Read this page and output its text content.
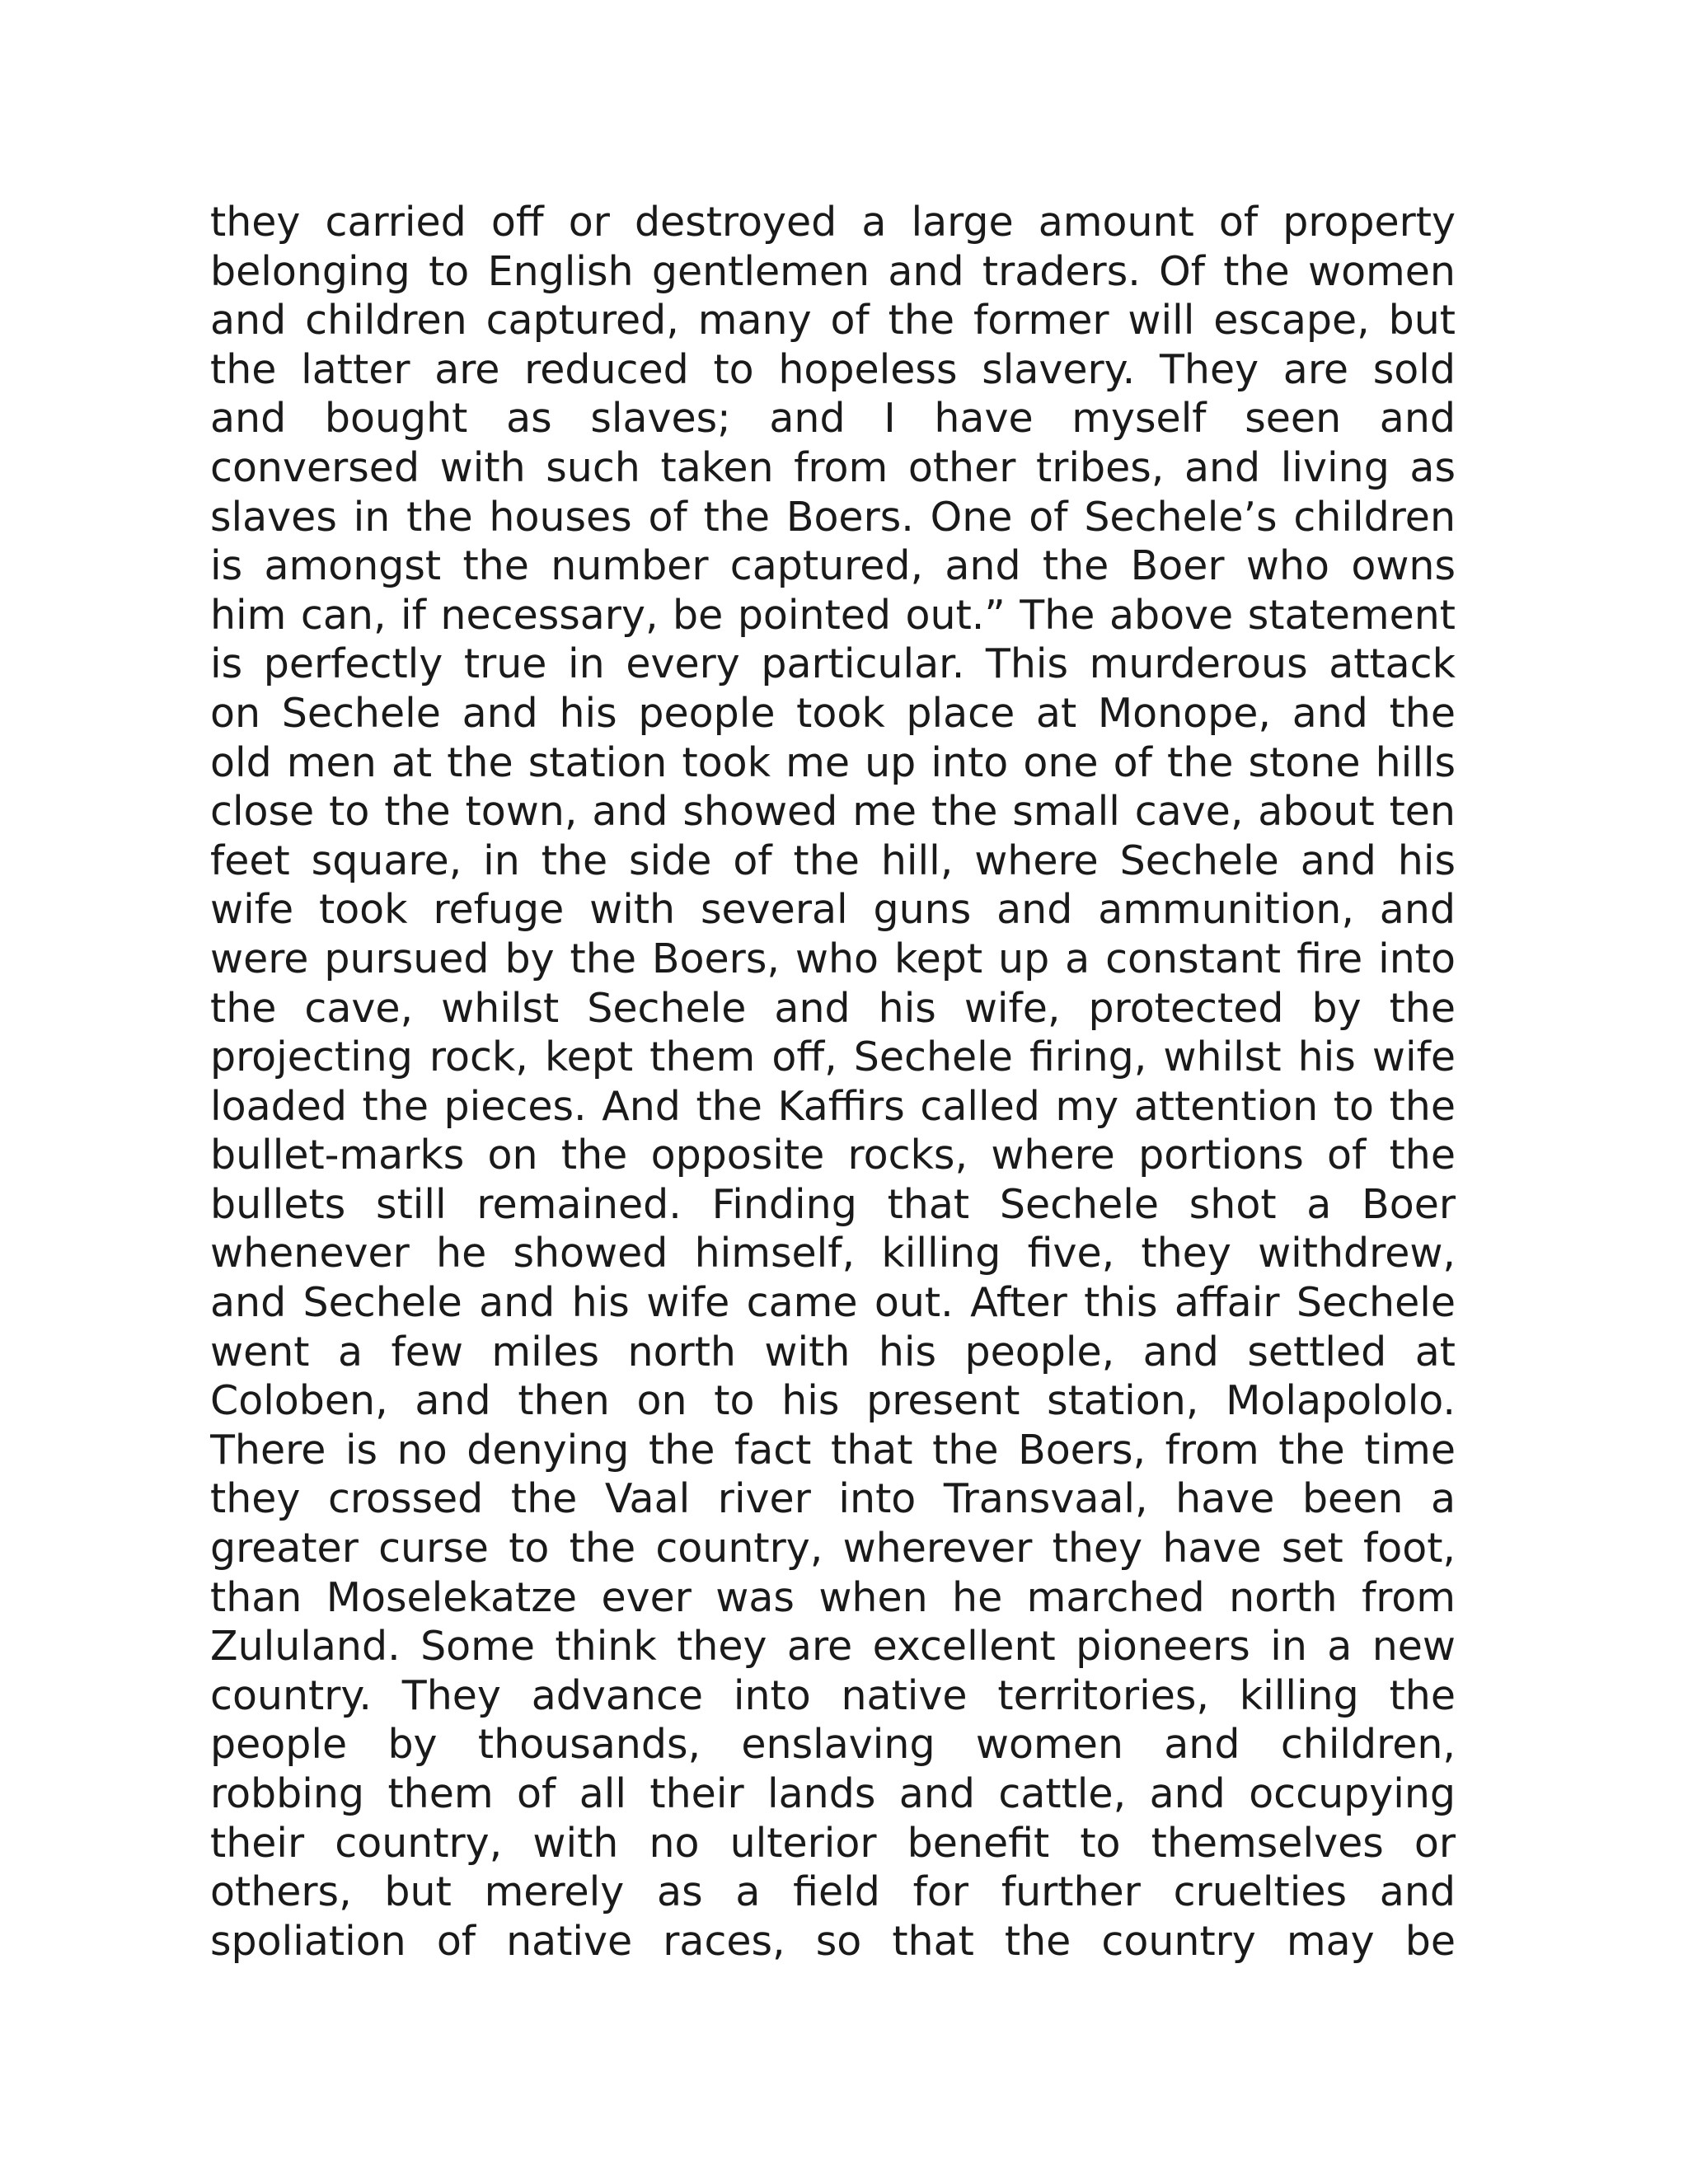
they carried off or destroyed a large amount of property
belonging to English gentlemen and traders. Of the women
and children captured, many of the former will escape, but
the latter are reduced to hopeless slavery. They are sold
and bought as slaves; and I have myself seen and
conversed with such taken from other tribes, and living as
slaves in the houses of the Boers. One of Sechele’s children
is amongst the number captured, and the Boer who owns
him can, if necessary, be pointed out.” The above statement
is perfectly true in every particular. This murderous attack
on Sechele and his people took place at Monope, and the
old men at the station took me up into one of the stone hills
close to the town, and showed me the small cave, about ten
feet square, in the side of the hill, where Sechele and his
wife took refuge with several guns and ammunition, and
were pursued by the Boers, who kept up a constant fire into
the cave, whilst Sechele and his wife, protected by the
projecting rock, kept them off, Sechele firing, whilst his wife
loaded the pieces. And the Kaffirs called my attention to the
bullet-marks on the opposite rocks, where portions of the
bullets still remained. Finding that Sechele shot a Boer
whenever he showed himself, killing five, they withdrew,
and Sechele and his wife came out. After this affair Sechele
went a few miles north with his people, and settled at
Coloben, and then on to his present station, Molapololo.
There is no denying the fact that the Boers, from the time
they crossed the Vaal river into Transvaal, have been a
greater curse to the country, wherever they have set foot,
than Moselekatze ever was when he marched north from
Zululand. Some think they are excellent pioneers in a new
country. They advance into native territories, killing the
people by thousands, enslaving women and children,
robbing them of all their lands and cattle, and occupying
their country, with no ulterior benefit to themselves or
others, but merely as a field for further cruelties and
spoliation of native races, so that the country may be
